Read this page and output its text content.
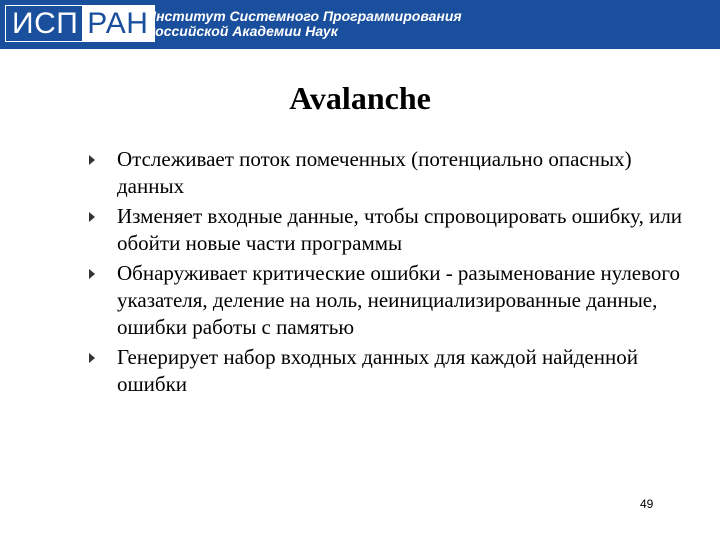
ИСП РАН
Институт Системного Программирования
Российской Академии Наук
Avalanche
Отслеживает поток помеченных (потенциально опасных) данных
Изменяет входные данные, чтобы спровоцировать ошибку, или обойти новые части программы
Обнаруживает критические ошибки - разыменование нулевого указателя, деление на ноль, неинициализированные данные, ошибки работы с памятью
Генерирует набор входных данных для каждой найденной ошибки
49
